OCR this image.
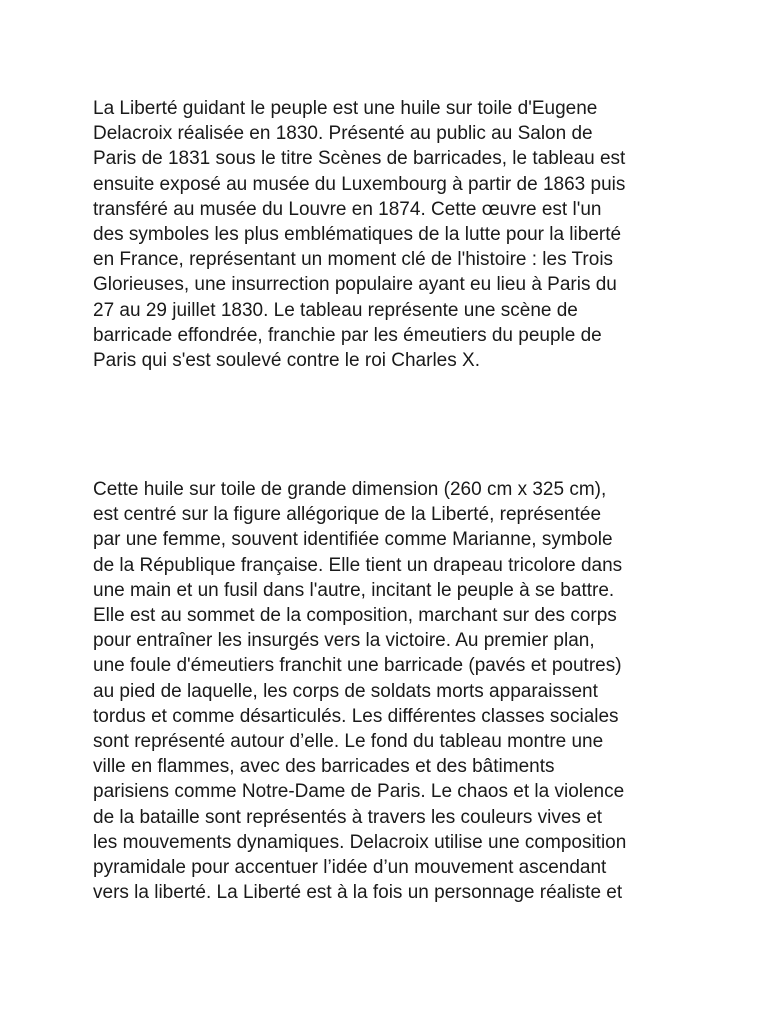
La Liberté guidant le peuple est une huile sur toile d'Eugene
Delacroix réalisée en 1830. Présenté au public au Salon de
Paris de 1831 sous le titre Scènes de barricades, le tableau est
ensuite exposé au musée du Luxembourg à partir de 1863 puis
transféré au musée du Louvre en 1874. Cette œuvre est l'un
des symboles les plus emblématiques de la lutte pour la liberté
en France, représentant un moment clé de l'histoire : les Trois
Glorieuses, une insurrection populaire ayant eu lieu à Paris du
27 au 29 juillet 1830. Le tableau représente une scène de
barricade effondrée, franchie par les émeutiers du peuple de
Paris qui s'est soulevé contre le roi Charles X.

Cette huile sur toile de grande dimension (260 cm x 325 cm),
est centré sur la figure allégorique de la Liberté, représentée
par une femme, souvent identifiée comme Marianne, symbole
de la République française. Elle tient un drapeau tricolore dans
une main et un fusil dans l'autre, incitant le peuple à se battre.
Elle est au sommet de la composition, marchant sur des corps
pour entraîner les insurgés vers la victoire. Au premier plan,
une foule d'émeutiers franchit une barricade (pavés et poutres)
au pied de laquelle, les corps de soldats morts apparaissent
tordus et comme désarticulés. Les différentes classes sociales
sont représenté autour d’elle. Le fond du tableau montre une
ville en flammes, avec des barricades et des bâtiments
parisiens comme Notre-Dame de Paris. Le chaos et la violence
de la bataille sont représentés à travers les couleurs vives et
les mouvements dynamiques. Delacroix utilise une composition
pyramidale pour accentuer l’idée d’un mouvement ascendant
vers la liberté. La Liberté est à la fois un personnage réaliste et
